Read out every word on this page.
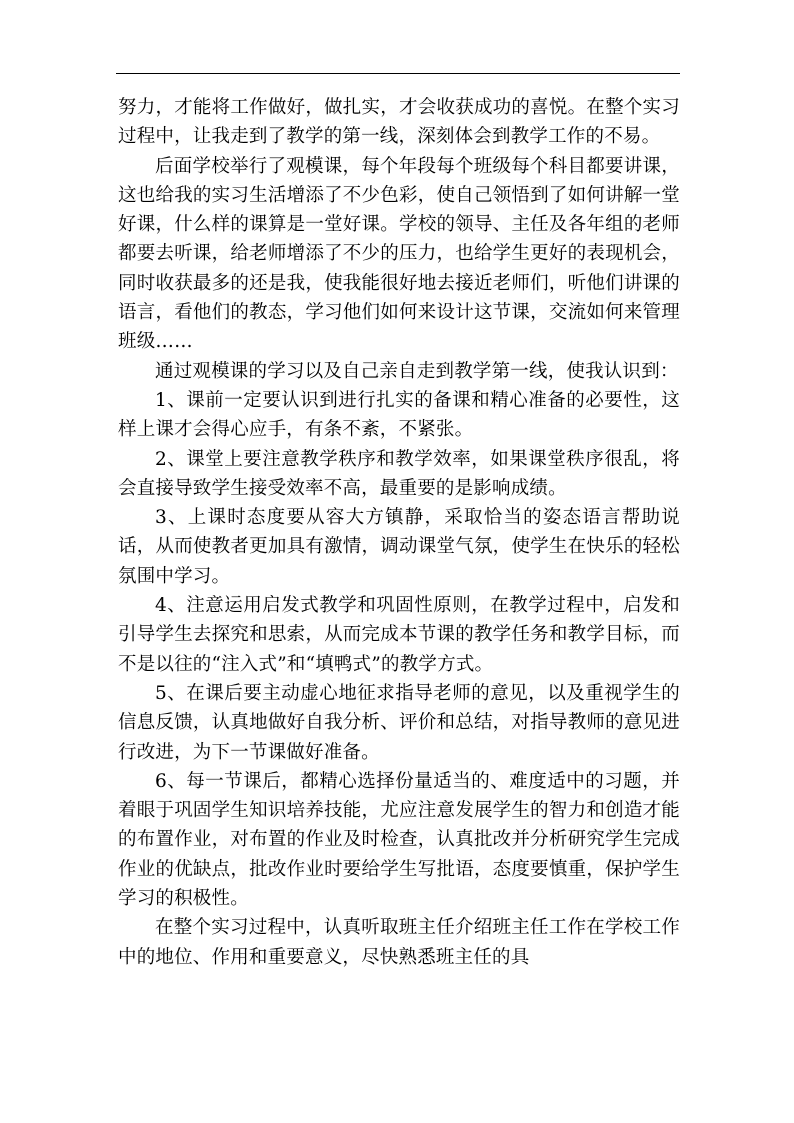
努力，才能将工作做好，做扎实，才会收获成功的喜悦。在整个实习过程中，让我走到了教学的第一线，深刻体会到教学工作的不易。

后面学校举行了观模课，每个年段每个班级每个科目都要讲课，这也给我的实习生活增添了不少色彩，使自己领悟到了如何讲解一堂好课，什么样的课算是一堂好课。学校的领导、主任及各年组的老师都要去听课，给老师增添了不少的压力，也给学生更好的表现机会，同时收获最多的还是我，使我能很好地去接近老师们，听他们讲课的语言，看他们的教态，学习他们如何来设计这节课，交流如何来管理班级……

通过观模课的学习以及自己亲自走到教学第一线，使我认识到：

1、课前一定要认识到进行扎实的备课和精心准备的必要性，这样上课才会得心应手，有条不紊，不紧张。

2、课堂上要注意教学秩序和教学效率，如果课堂秩序很乱，将会直接导致学生接受效率不高，最重要的是影响成绩。

3、上课时态度要从容大方镇静，采取恰当的姿态语言帮助说话，从而使教者更加具有激情，调动课堂气氛，使学生在快乐的轻松氛围中学习。

4、注意运用启发式教学和巩固性原则，在教学过程中，启发和引导学生去探究和思索，从而完成本节课的教学任务和教学目标，而不是以往的“注入式”和“填鸭式”的教学方式。

5、在课后要主动虚心地征求指导老师的意见，以及重视学生的信息反馈，认真地做好自我分析、评价和总结，对指导教师的意见进行改进，为下一节课做好准备。

6、每一节课后，都精心选择份量适当的、难度适中的习题，并着眼于巩固学生知识培养技能，尤应注意发展学生的智力和创造才能的布置作业，对布置的作业及时检查，认真批改并分析研究学生完成作业的优缺点，批改作业时要给学生写批语，态度要慎重，保护学生学习的积极性。

在整个实习过程中，认真听取班主任介绍班主任工作在学校工作中的地位、作用和重要意义，尽快熟悉班主任的具
